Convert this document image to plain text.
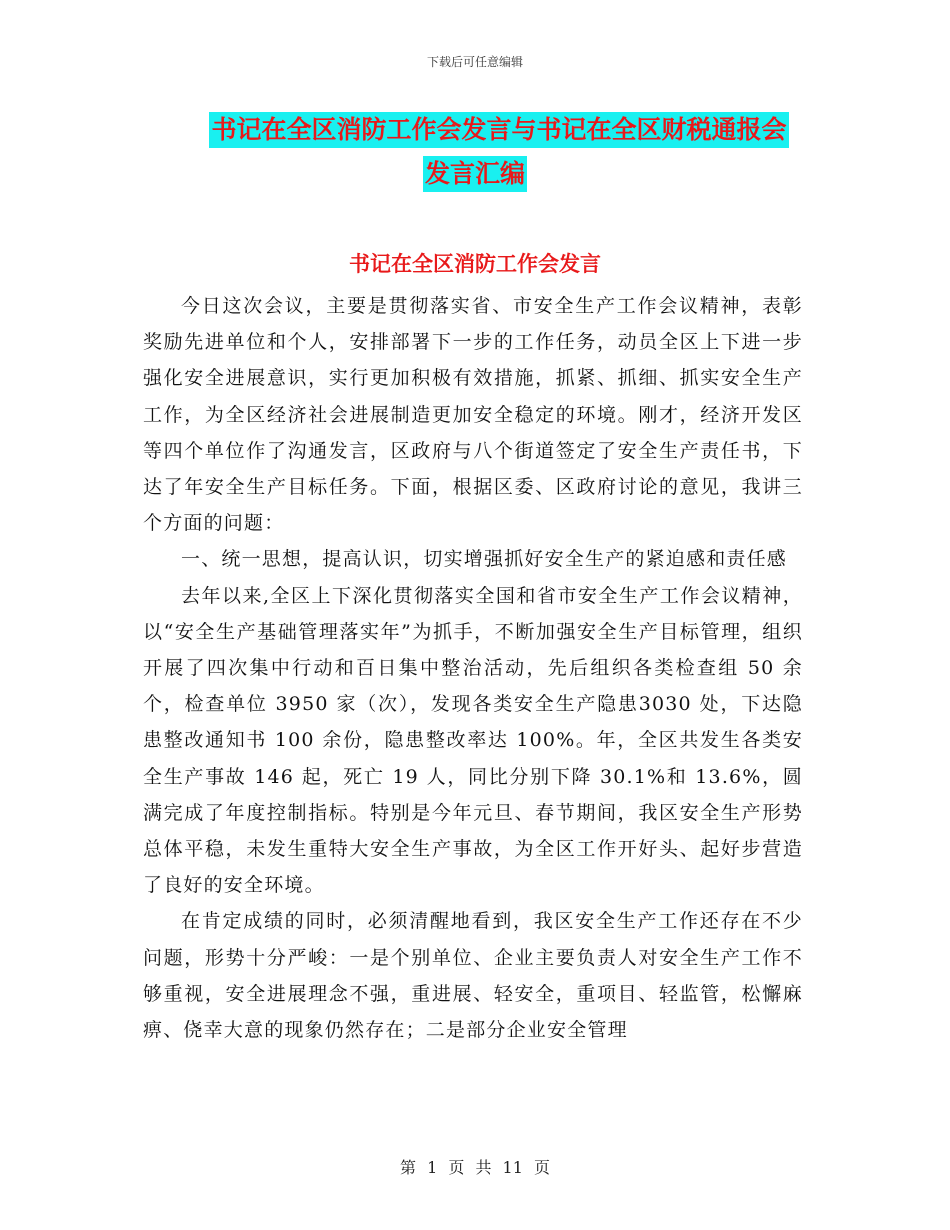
下载后可任意编辑
书记在全区消防工作会发言与书记在全区财税通报会
发言汇编
书记在全区消防工作会发言

今日这次会议，主要是贯彻落实省、市安全生产工作会议精神，表彰奖励先进单位和个人，安排部署下一步的工作任务，动员全区上下进一步强化安全进展意识，实行更加积极有效措施，抓紧、抓细、抓实安全生产工作，为全区经济社会进展制造更加安全稳定的环境。刚才，经济开发区等四个单位作了沟通发言，区政府与八个街道签定了安全生产责任书，下达了年安全生产目标任务。下面，根据区委、区政府讨论的意见，我讲三个方面的问题：

一、统一思想，提高认识，切实增强抓好安全生产的紧迫感和责任感

去年以来,全区上下深化贯彻落实全国和省市安全生产工作会议精神，以“安全生产基础管理落实年”为抓手，不断加强安全生产目标管理，组织开展了四次集中行动和百日集中整治活动，先后组织各类检查组 50 余个，检查单位 3950 家（次），发现各类安全生产隐患3030 处，下达隐患整改通知书 100 余份，隐患整改率达 100%。年，全区共发生各类安全生产事故 146 起，死亡 19 人，同比分别下降 30.1%和 13.6%，圆满完成了年度控制指标。特别是今年元旦、春节期间，我区安全生产形势总体平稳，未发生重特大安全生产事故，为全区工作开好头、起好步营造了良好的安全环境。

在肯定成绩的同时，必须清醒地看到，我区安全生产工作还存在不少问题，形势十分严峻：一是个别单位、企业主要负责人对安全生产工作不够重视，安全进展理念不强，重进展、轻安全，重项目、轻监管，松懈麻痹、侥幸大意的现象仍然存在；二是部分企业安全管理

第 1 页 共 11 页
